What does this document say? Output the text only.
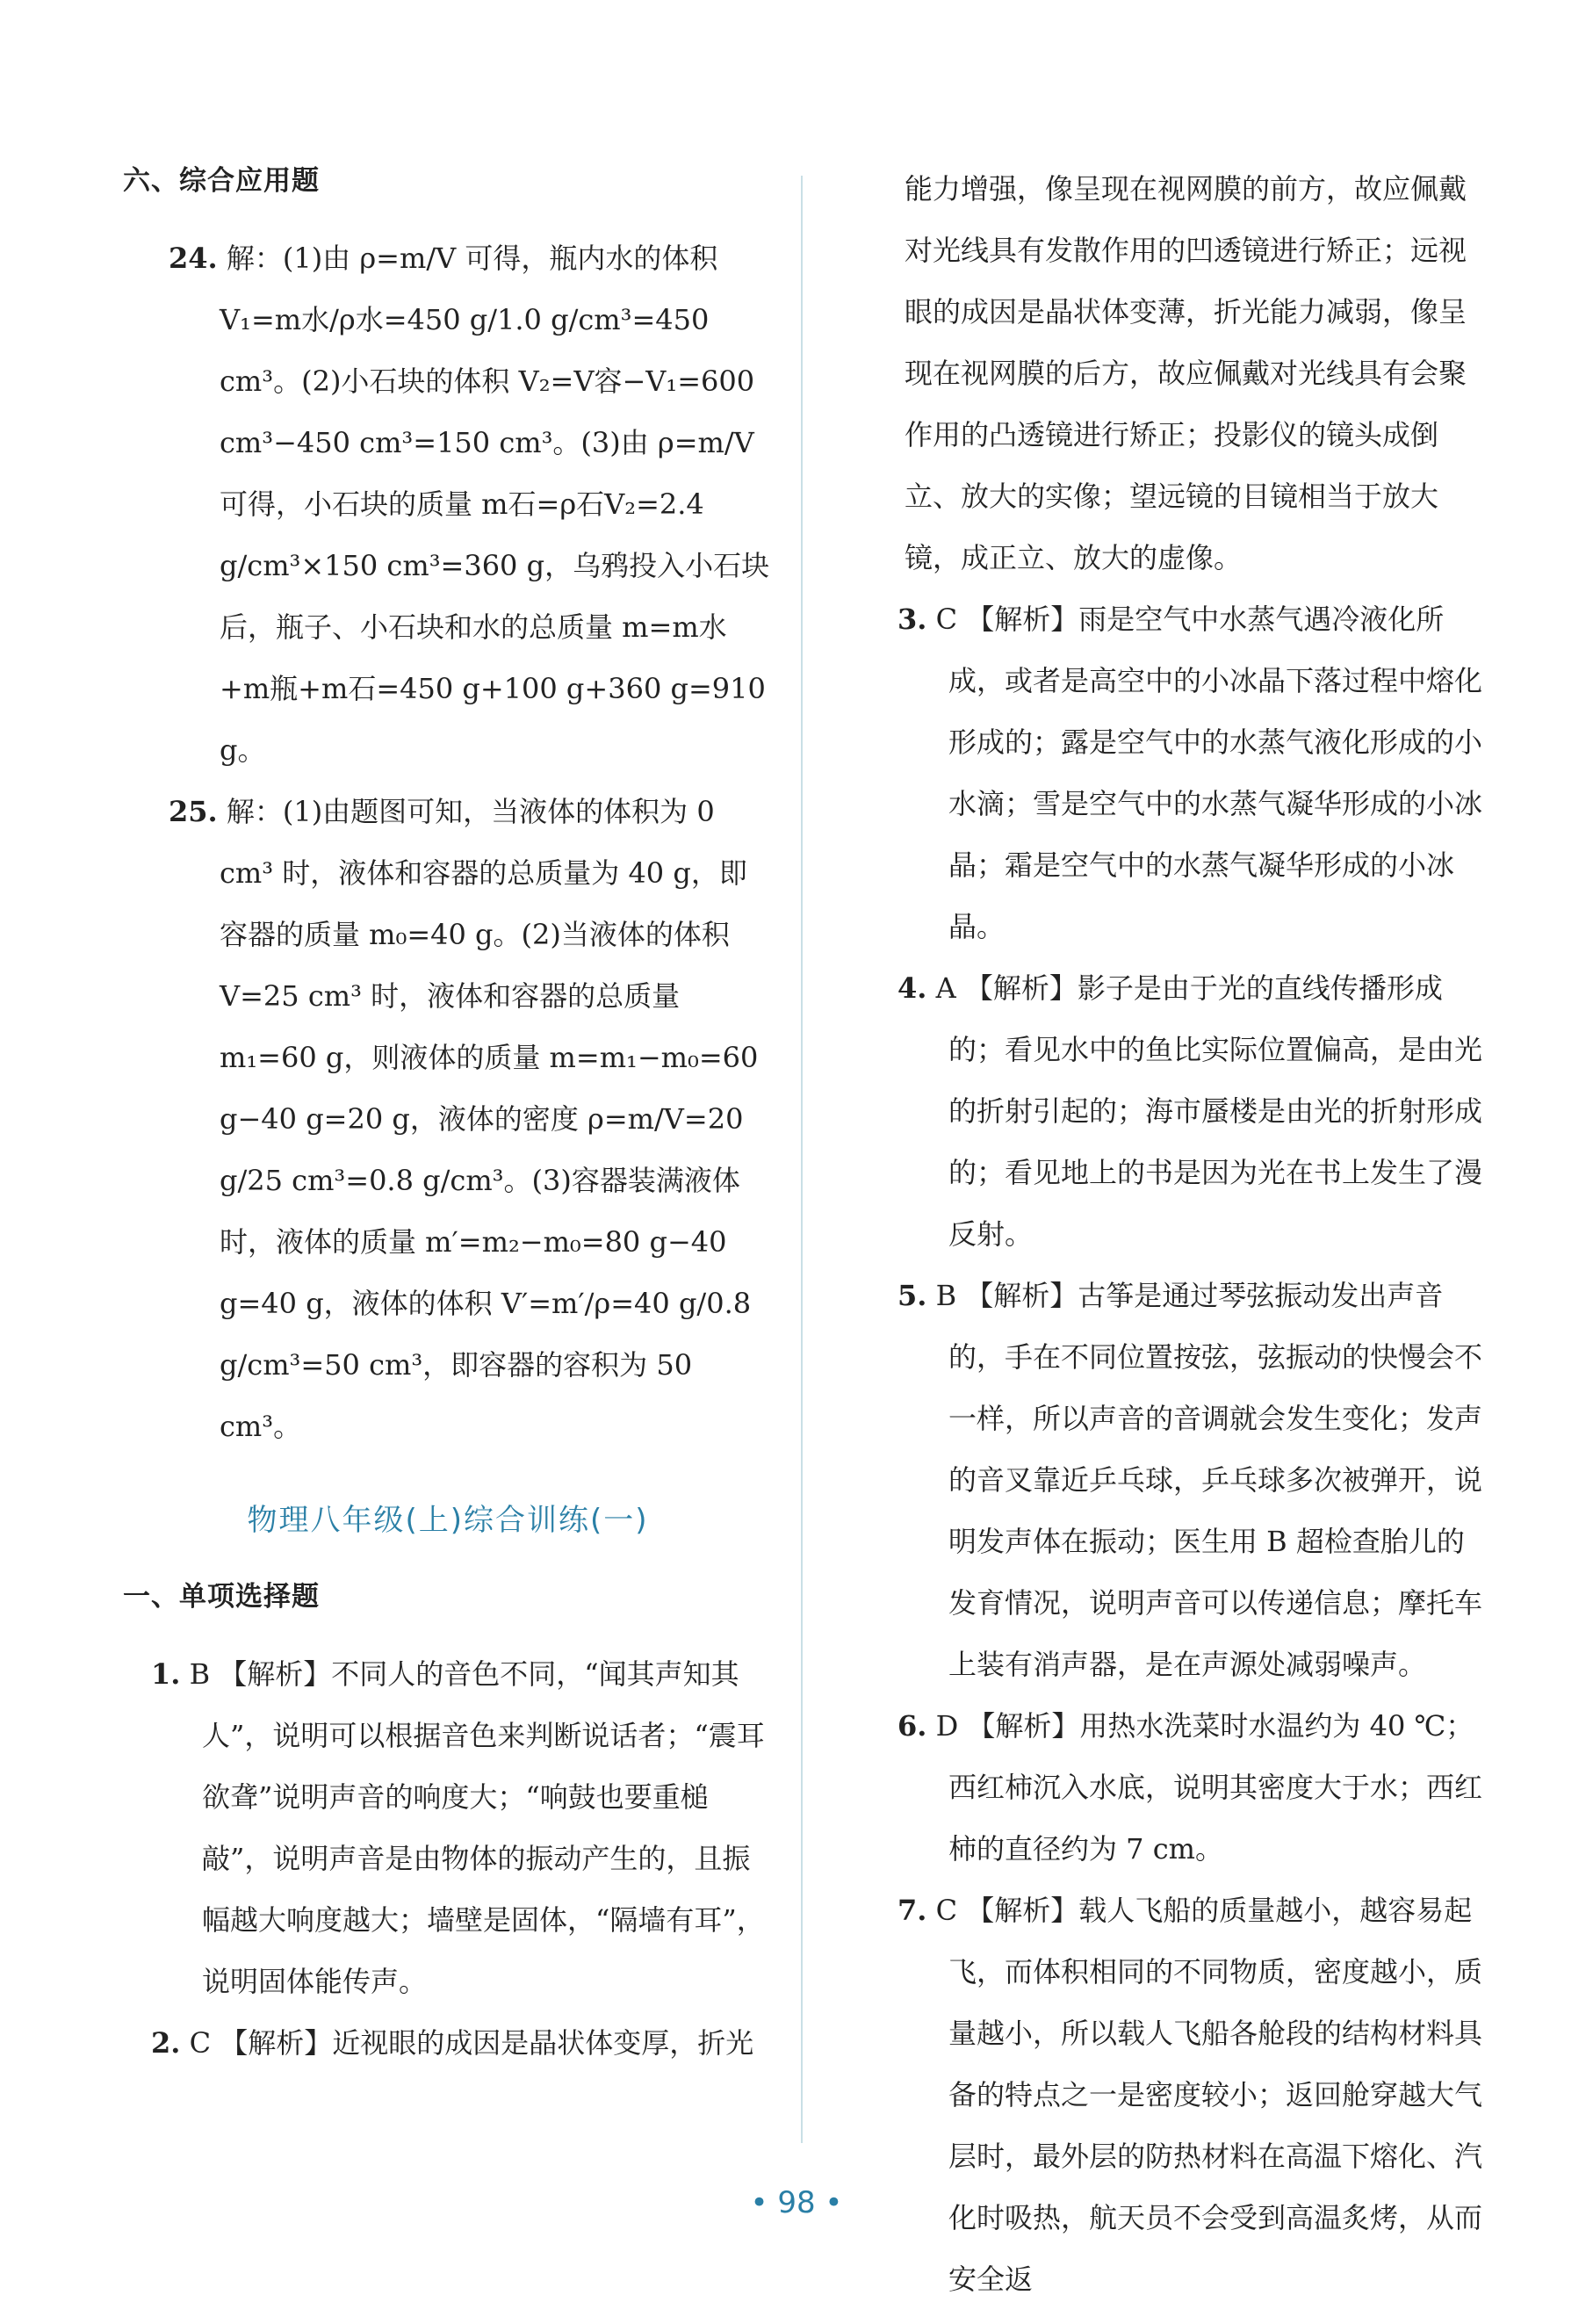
六、综合应用题

24. 解：(1)由 ρ=m/V 可得，瓶内水的体积 V₁=m水/ρ水=450 g/1.0 g/cm³=450 cm³。(2)小石块的体积 V₂=V容−V₁=600 cm³−450 cm³=150 cm³。(3)由 ρ=m/V 可得，小石块的质量 m石=ρ石V₂=2.4 g/cm³×150 cm³=360 g，乌鸦投入小石块后，瓶子、小石块和水的总质量 m=m水+m瓶+m石=450 g+100 g+360 g=910 g。

25. 解：(1)由题图可知，当液体的体积为 0 cm³ 时，液体和容器的总质量为 40 g，即容器的质量 m₀=40 g。(2)当液体的体积 V=25 cm³ 时，液体和容器的总质量 m₁=60 g，则液体的质量 m=m₁−m₀=60 g−40 g=20 g，液体的密度 ρ=m/V=20 g/25 cm³=0.8 g/cm³。(3)容器装满液体时，液体的质量 m′=m₂−m₀=80 g−40 g=40 g，液体的体积 V′=m′/ρ=40 g/0.8 g/cm³=50 cm³，即容器的容积为 50 cm³。

物理八年级(上)综合训练(一)
一、单项选择题

1. B 【解析】不同人的音色不同，“闻其声知其人”，说明可以根据音色来判断说话者；“震耳欲聋”说明声音的响度大；“响鼓也要重槌敲”，说明声音是由物体的振动产生的，且振幅越大响度越大；墙壁是固体，“隔墙有耳”，说明固体能传声。

2. C 【解析】近视眼的成因是晶状体变厚，折光

能力增强，像呈现在视网膜的前方，故应佩戴对光线具有发散作用的凹透镜进行矫正；远视眼的成因是晶状体变薄，折光能力减弱，像呈现在视网膜的后方，故应佩戴对光线具有会聚作用的凸透镜进行矫正；投影仪的镜头成倒立、放大的实像；望远镜的目镜相当于放大镜，成正立、放大的虚像。

3. C 【解析】雨是空气中水蒸气遇冷液化所成，或者是高空中的小冰晶下落过程中熔化形成的；露是空气中的水蒸气液化形成的小水滴；雪是空气中的水蒸气凝华形成的小冰晶；霜是空气中的水蒸气凝华形成的小冰晶。

4. A 【解析】影子是由于光的直线传播形成的；看见水中的鱼比实际位置偏高，是由光的折射引起的；海市蜃楼是由光的折射形成的；看见地上的书是因为光在书上发生了漫反射。

5. B 【解析】古筝是通过琴弦振动发出声音的，手在不同位置按弦，弦振动的快慢会不一样，所以声音的音调就会发生变化；发声的音叉靠近乒乓球，乒乓球多次被弹开，说明发声体在振动；医生用 B 超检查胎儿的发育情况，说明声音可以传递信息；摩托车上装有消声器，是在声源处减弱噪声。

6. D 【解析】用热水洗菜时水温约为 40 ℃；西红柿沉入水底，说明其密度大于水；西红柿的直径约为 7 cm。

7. C 【解析】载人飞船的质量越小，越容易起飞，而体积相同的不同物质，密度越小，质量越小，所以载人飞船各舱段的结构材料具备的特点之一是密度较小；返回舱穿越大气层时，最外层的防热材料在高温下熔化、汽化时吸热，航天员不会受到高温炙烤，从而安全返

• 98 •
